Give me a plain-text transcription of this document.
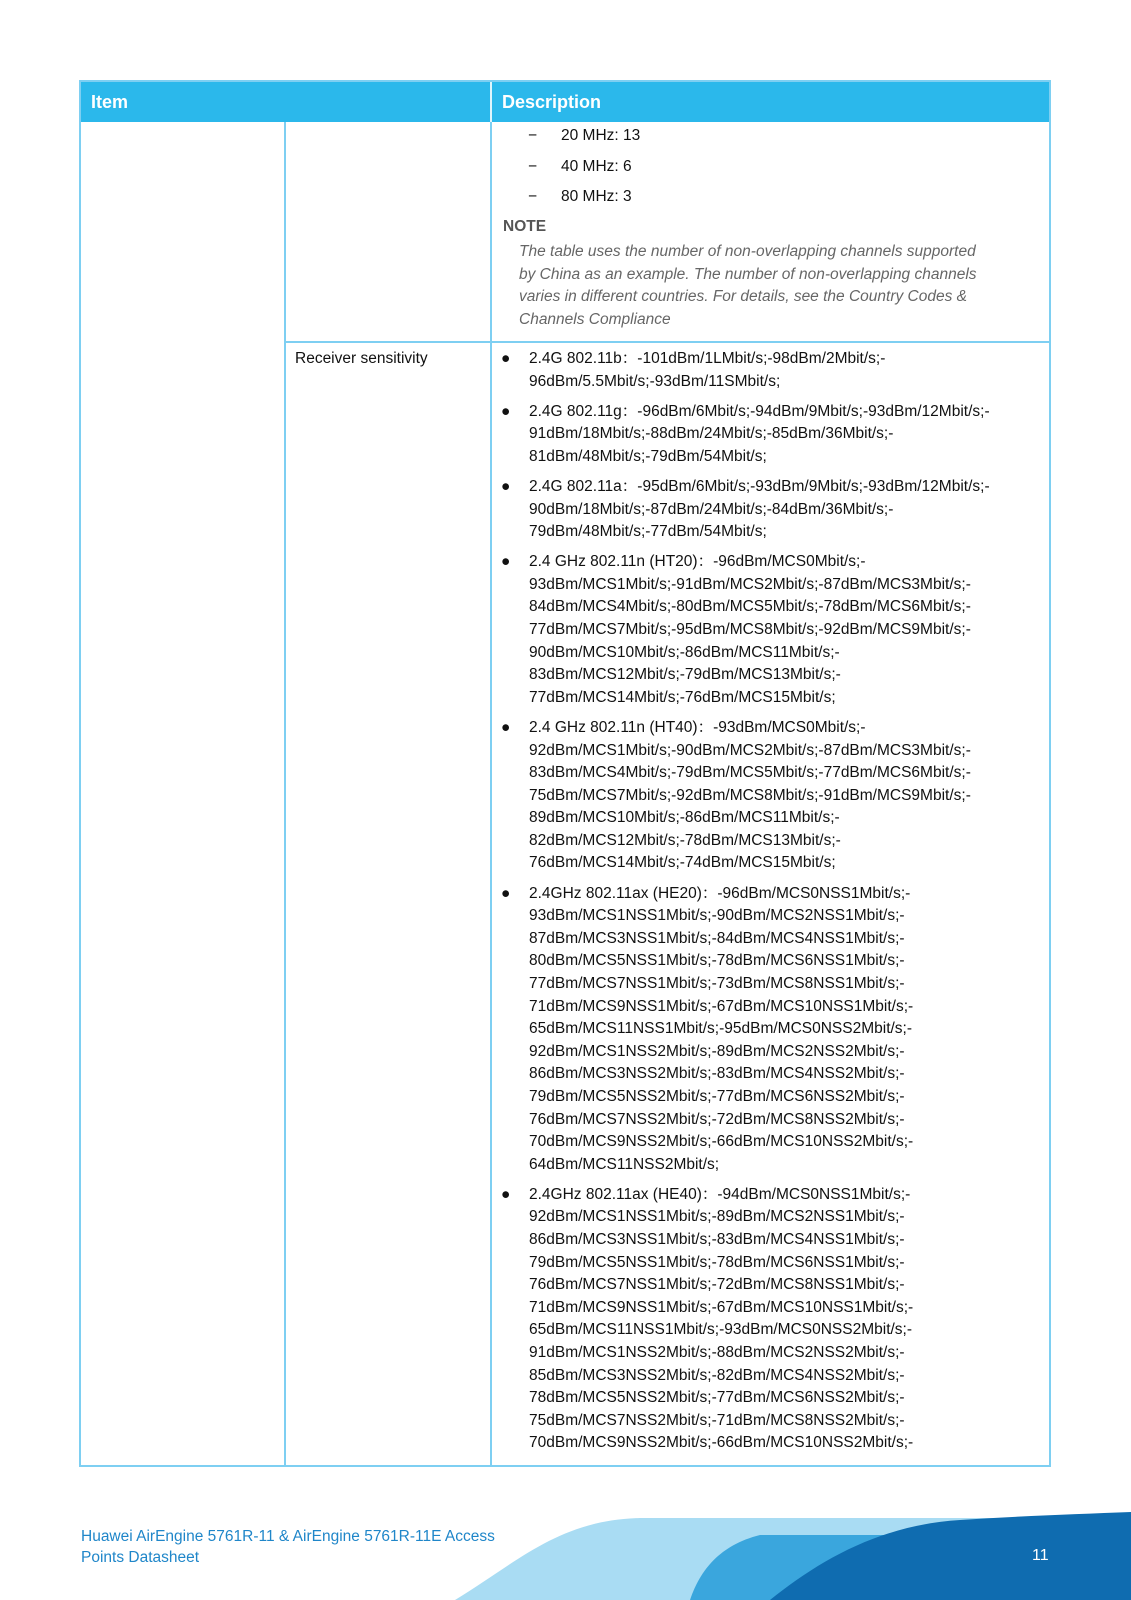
Item	Description
− 20 MHz: 13
− 40 MHz: 6
− 80 MHz: 3
NOTE
The table uses the number of non-overlapping channels supported
by China as an example. The number of non-overlapping channels
varies in different countries. For details, see the Country Codes &
Channels Compliance
Receiver sensitivity	● 2.4G 802.11b：-101dBm/1LMbit/s;-98dBm/2Mbit/s;-
96dBm/5.5Mbit/s;-93dBm/11SMbit/s;
● 2.4G 802.11g：-96dBm/6Mbit/s;-94dBm/9Mbit/s;-93dBm/12Mbit/s;-
91dBm/18Mbit/s;-88dBm/24Mbit/s;-85dBm/36Mbit/s;-
81dBm/48Mbit/s;-79dBm/54Mbit/s;
● 2.4G 802.11a：-95dBm/6Mbit/s;-93dBm/9Mbit/s;-93dBm/12Mbit/s;-
90dBm/18Mbit/s;-87dBm/24Mbit/s;-84dBm/36Mbit/s;-
79dBm/48Mbit/s;-77dBm/54Mbit/s;
● 2.4 GHz 802.11n (HT20)：-96dBm/MCS0Mbit/s;-
93dBm/MCS1Mbit/s;-91dBm/MCS2Mbit/s;-87dBm/MCS3Mbit/s;-
84dBm/MCS4Mbit/s;-80dBm/MCS5Mbit/s;-78dBm/MCS6Mbit/s;-
77dBm/MCS7Mbit/s;-95dBm/MCS8Mbit/s;-92dBm/MCS9Mbit/s;-
90dBm/MCS10Mbit/s;-86dBm/MCS11Mbit/s;-
83dBm/MCS12Mbit/s;-79dBm/MCS13Mbit/s;-
77dBm/MCS14Mbit/s;-76dBm/MCS15Mbit/s;
● 2.4 GHz 802.11n (HT40)：-93dBm/MCS0Mbit/s;-
92dBm/MCS1Mbit/s;-90dBm/MCS2Mbit/s;-87dBm/MCS3Mbit/s;-
83dBm/MCS4Mbit/s;-79dBm/MCS5Mbit/s;-77dBm/MCS6Mbit/s;-
75dBm/MCS7Mbit/s;-92dBm/MCS8Mbit/s;-91dBm/MCS9Mbit/s;-
89dBm/MCS10Mbit/s;-86dBm/MCS11Mbit/s;-
82dBm/MCS12Mbit/s;-78dBm/MCS13Mbit/s;-
76dBm/MCS14Mbit/s;-74dBm/MCS15Mbit/s;
● 2.4GHz 802.11ax (HE20)：-96dBm/MCS0NSS1Mbit/s;-
93dBm/MCS1NSS1Mbit/s;-90dBm/MCS2NSS1Mbit/s;-
87dBm/MCS3NSS1Mbit/s;-84dBm/MCS4NSS1Mbit/s;-
80dBm/MCS5NSS1Mbit/s;-78dBm/MCS6NSS1Mbit/s;-
77dBm/MCS7NSS1Mbit/s;-73dBm/MCS8NSS1Mbit/s;-
71dBm/MCS9NSS1Mbit/s;-67dBm/MCS10NSS1Mbit/s;-
65dBm/MCS11NSS1Mbit/s;-95dBm/MCS0NSS2Mbit/s;-
92dBm/MCS1NSS2Mbit/s;-89dBm/MCS2NSS2Mbit/s;-
86dBm/MCS3NSS2Mbit/s;-83dBm/MCS4NSS2Mbit/s;-
79dBm/MCS5NSS2Mbit/s;-77dBm/MCS6NSS2Mbit/s;-
76dBm/MCS7NSS2Mbit/s;-72dBm/MCS8NSS2Mbit/s;-
70dBm/MCS9NSS2Mbit/s;-66dBm/MCS10NSS2Mbit/s;-
64dBm/MCS11NSS2Mbit/s;
● 2.4GHz 802.11ax (HE40)：-94dBm/MCS0NSS1Mbit/s;-
92dBm/MCS1NSS1Mbit/s;-89dBm/MCS2NSS1Mbit/s;-
86dBm/MCS3NSS1Mbit/s;-83dBm/MCS4NSS1Mbit/s;-
79dBm/MCS5NSS1Mbit/s;-78dBm/MCS6NSS1Mbit/s;-
76dBm/MCS7NSS1Mbit/s;-72dBm/MCS8NSS1Mbit/s;-
71dBm/MCS9NSS1Mbit/s;-67dBm/MCS10NSS1Mbit/s;-
65dBm/MCS11NSS1Mbit/s;-93dBm/MCS0NSS2Mbit/s;-
91dBm/MCS1NSS2Mbit/s;-88dBm/MCS2NSS2Mbit/s;-
85dBm/MCS3NSS2Mbit/s;-82dBm/MCS4NSS2Mbit/s;-
78dBm/MCS5NSS2Mbit/s;-77dBm/MCS6NSS2Mbit/s;-
75dBm/MCS7NSS2Mbit/s;-71dBm/MCS8NSS2Mbit/s;-
70dBm/MCS9NSS2Mbit/s;-66dBm/MCS10NSS2Mbit/s;-
Huawei AirEngine 5761R-11 & AirEngine 5761R-11E Access
Points Datasheet	11
